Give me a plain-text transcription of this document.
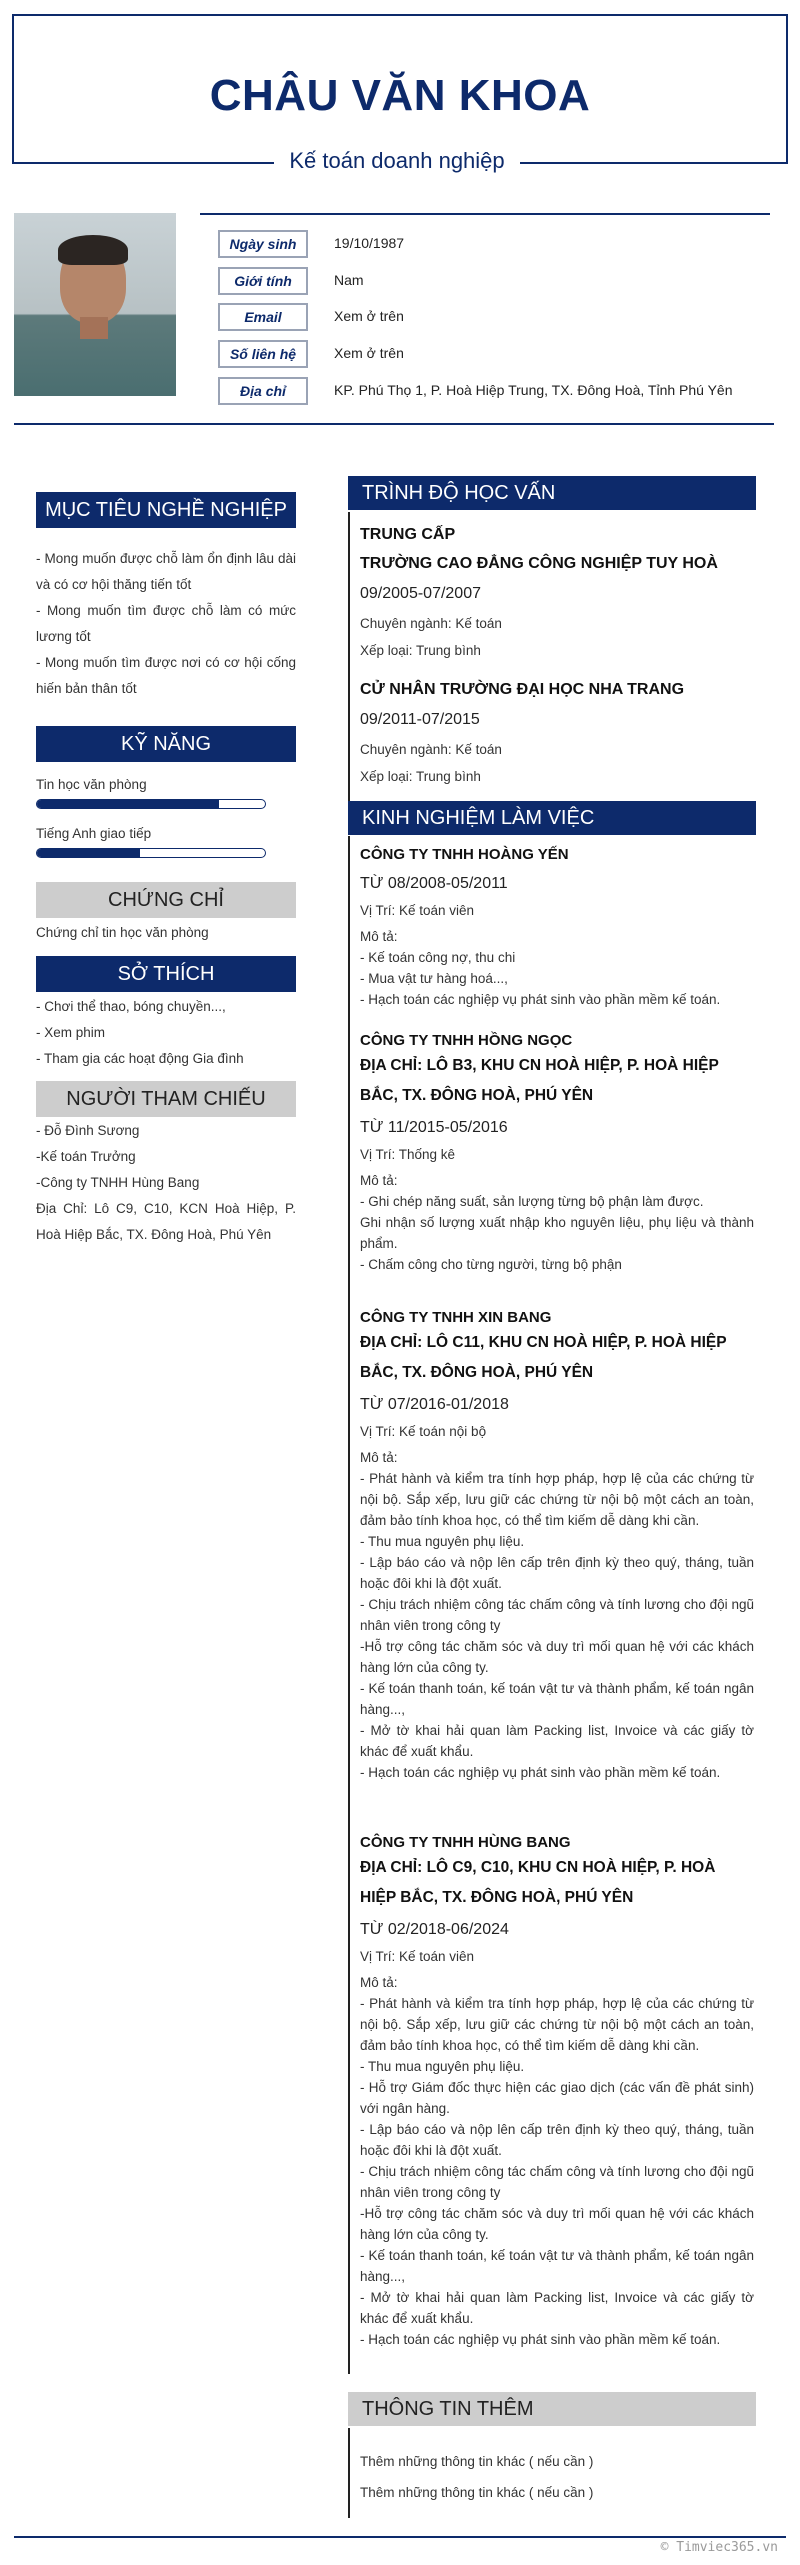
CHÂU VĂN KHOA
Kế toán doanh nghiệp
Ngày sinh	19/10/1987
Giới tính	Nam
Email	Xem ở trên
Số liên hệ	Xem ở trên
Địa chỉ	KP. Phú Thọ 1, P. Hoà Hiệp Trung, TX. Đông Hoà, Tỉnh Phú Yên
MỤC TIÊU NGHỀ NGHIỆP
- Mong muốn được chỗ làm ổn định lâu dài và có cơ hội thăng tiến tốt
- Mong muốn tìm được chỗ làm có mức lương tốt
- Mong muốn tìm được nơi có cơ hội cống hiến bản thân tốt
KỸ NĂNG
Tin học văn phòng
Tiếng Anh giao tiếp
CHỨNG CHỈ
Chứng chỉ tin học văn phòng
SỞ THÍCH
- Chơi thể thao, bóng chuyền...,
- Xem phim
- Tham gia các hoạt động Gia đình
NGƯỜI THAM CHIẾU
- Đỗ Đình Sương
-Kế toán Trưởng
-Công ty TNHH Hùng Bang
Địa Chỉ: Lô C9, C10, KCN Hoà Hiệp, P. Hoà Hiệp Bắc, TX. Đông Hoà, Phú Yên
TRÌNH ĐỘ HỌC VẤN
TRUNG CẤP
TRƯỜNG CAO ĐẲNG CÔNG NGHIỆP TUY HOÀ
09/2005-07/2007
Chuyên ngành: Kế toán
Xếp loại: Trung bình
CỬ NHÂN TRƯỜNG ĐẠI HỌC NHA TRANG
09/2011-07/2015
Chuyên ngành: Kế toán
Xếp loại: Trung bình
KINH NGHIỆM LÀM VIỆC
CÔNG TY TNHH HOÀNG YẾN
TỪ 08/2008-05/2011
Vị Trí: Kế toán viên
Mô tả:
- Kế toán công nợ, thu chi
- Mua vật tư hàng hoá...,
- Hạch toán các nghiệp vụ phát sinh vào phần mềm kế toán.
CÔNG TY TNHH HỒNG NGỌC
ĐỊA CHỈ: LÔ B3, KHU CN HOÀ HIỆP, P. HOÀ HIỆP BẮC, TX. ĐÔNG HOÀ, PHÚ YÊN
TỪ 11/2015-05/2016
Vị Trí: Thống kê
Mô tả:
- Ghi chép năng suất, sản lượng từng bộ phận làm được.
Ghi nhận số lượng xuất nhập kho nguyên liệu, phụ liệu và thành phẩm.
- Chấm công cho từng người, từng bộ phận
CÔNG TY TNHH XIN BANG
ĐỊA CHỈ: LÔ C11, KHU CN HOÀ HIỆP, P. HOÀ HIỆP BẮC, TX. ĐÔNG HOÀ, PHÚ YÊN
TỪ 07/2016-01/2018
Vị Trí: Kế toán nội bộ
Mô tả:
- Phát hành và kiểm tra tính hợp pháp, hợp lệ của các chứng từ nội bộ. Sắp xếp, lưu giữ các chứng từ nội bộ một cách an toàn, đảm bảo tính khoa học, có thể tìm kiếm dễ dàng khi cần.
- Thu mua nguyên phụ liệu.
- Lập báo cáo và nộp lên cấp trên định kỳ theo quý, tháng, tuần hoặc đôi khi là đột xuất.
- Chịu trách nhiệm công tác chấm công và tính lương cho đội ngũ nhân viên trong công ty
-Hỗ trợ công tác chăm sóc và duy trì mối quan hệ với các khách hàng lớn của công ty.
- Kế toán thanh toán, kế toán vật tư và thành phẩm, kế toán ngân hàng...,
- Mở tờ khai hải quan làm Packing list, Invoice và các giấy tờ khác để xuất khẩu.
- Hạch toán các nghiệp vụ phát sinh vào phần mềm kế toán.
CÔNG TY TNHH HÙNG BANG
ĐỊA CHỈ: LÔ C9, C10, KHU CN HOÀ HIỆP, P. HOÀ HIỆP BẮC, TX. ĐÔNG HOÀ, PHÚ YÊN
TỪ 02/2018-06/2024
Vị Trí: Kế toán viên
Mô tả:
- Phát hành và kiểm tra tính hợp pháp, hợp lệ của các chứng từ nội bộ. Sắp xếp, lưu giữ các chứng từ nội bộ một cách an toàn, đảm bảo tính khoa học, có thể tìm kiếm dễ dàng khi cần.
- Thu mua nguyên phụ liệu.
- Hỗ trợ Giám đốc thực hiện các giao dịch (các vấn đề phát sinh) với ngân hàng.
- Lập báo cáo và nộp lên cấp trên định kỳ theo quý, tháng, tuần hoặc đôi khi là đột xuất.
- Chịu trách nhiệm công tác chấm công và tính lương cho đội ngũ nhân viên trong công ty
-Hỗ trợ công tác chăm sóc và duy trì mối quan hệ với các khách hàng lớn của công ty.
- Kế toán thanh toán, kế toán vật tư và thành phẩm, kế toán ngân hàng...,
- Mở tờ khai hải quan làm Packing list, Invoice và các giấy tờ khác để xuất khẩu.
- Hạch toán các nghiệp vụ phát sinh vào phần mềm kế toán.
THÔNG TIN THÊM
Thêm những thông tin khác ( nếu cần )
Thêm những thông tin khác ( nếu cần )
© Timviec365.vn
